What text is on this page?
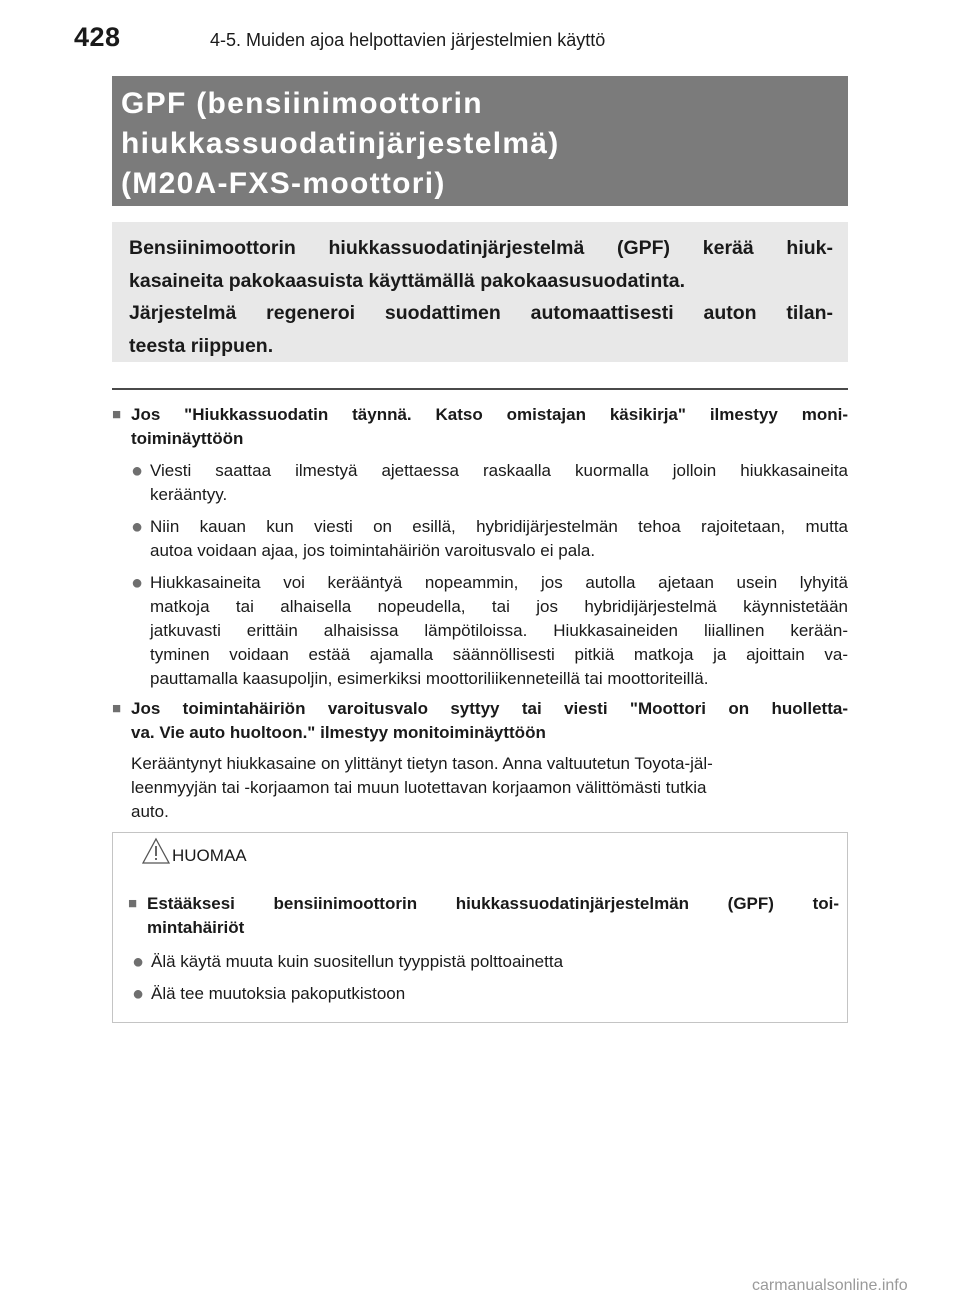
428	4-5. Muiden ajoa helpottavien järjestelmien käyttö
GPF (bensiinimoottorin
hiukkassuodatinjärjestelmä)
(M20A-FXS-moottori)
Bensiinimoottorin hiukkassuodatinjärjestelmä (GPF) kerää hiuk-
kasaineita pakokaasuista käyttämällä pakokaasusuodatinta.
Järjestelmä regeneroi suodattimen automaattisesti auton tilan-
teesta riippuen.
■ Jos "Hiukkassuodatin täynnä. Katso omistajan käsikirja" ilmestyy moni-
toiminäyttöön
● Viesti saattaa ilmestyä ajettaessa raskaalla kuormalla jolloin hiukkasaineita
kerääntyy.
● Niin kauan kun viesti on esillä, hybridijärjestelmän tehoa rajoitetaan, mutta
autoa voidaan ajaa, jos toimintahäiriön varoitusvalo ei pala.
● Hiukkasaineita voi kerääntyä nopeammin, jos autolla ajetaan usein lyhyitä
matkoja tai alhaisella nopeudella, tai jos hybridijärjestelmä käynnistetään
jatkuvasti erittäin alhaisissa lämpötiloissa. Hiukkasaineiden liiallinen kerään-
tyminen voidaan estää ajamalla säännöllisesti pitkiä matkoja ja ajoittain va-
pauttamalla kaasupoljin, esimerkiksi moottoriliikenneteillä tai moottoriteillä.
■ Jos toimintahäiriön varoitusvalo syttyy tai viesti "Moottori on huolletta-
va. Vie auto huoltoon." ilmestyy monitoiminäyttöön
Kerääntynyt hiukkasaine on ylittänyt tietyn tason. Anna valtuutetun Toyota-jäl-
leenmyyjän tai -korjaamon tai muun luotettavan korjaamon välittömästi tutkia
auto.
HUOMAA
■ Estääksesi bensiinimoottorin hiukkassuodatinjärjestelmän (GPF) toi-
mintahäiriöt
● Älä käytä muuta kuin suositellun tyyppistä polttoainetta
● Älä tee muutoksia pakoputkistoon
carmanualsonline.info
